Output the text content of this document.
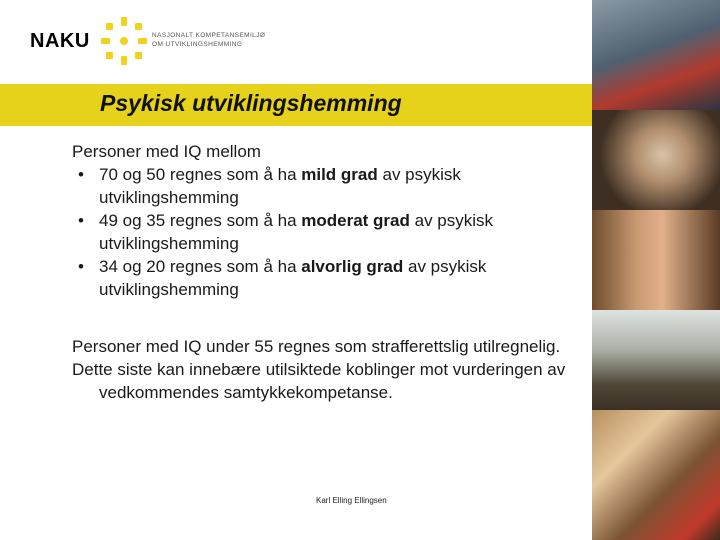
NAKU	NASJONALT KOMPETANSEMILJØ
OM UTVIKLINGSHEMMING
Psykisk utviklingshemming

Personer med IQ mellom

• 70 og 50 regnes som å ha mild grad av psykisk utviklingshemming
• 49 og 35 regnes som å ha moderat grad av psykisk utviklingshemming
• 34 og 20 regnes som å ha alvorlig grad av psykisk utviklingshemming

Personer med IQ under 55 regnes som strafferettslig utilregnelig.

Dette siste kan innebære utilsiktede koblinger mot vurderingen av vedkommendes samtykkekompetanse.

Karl Elling Ellingsen
